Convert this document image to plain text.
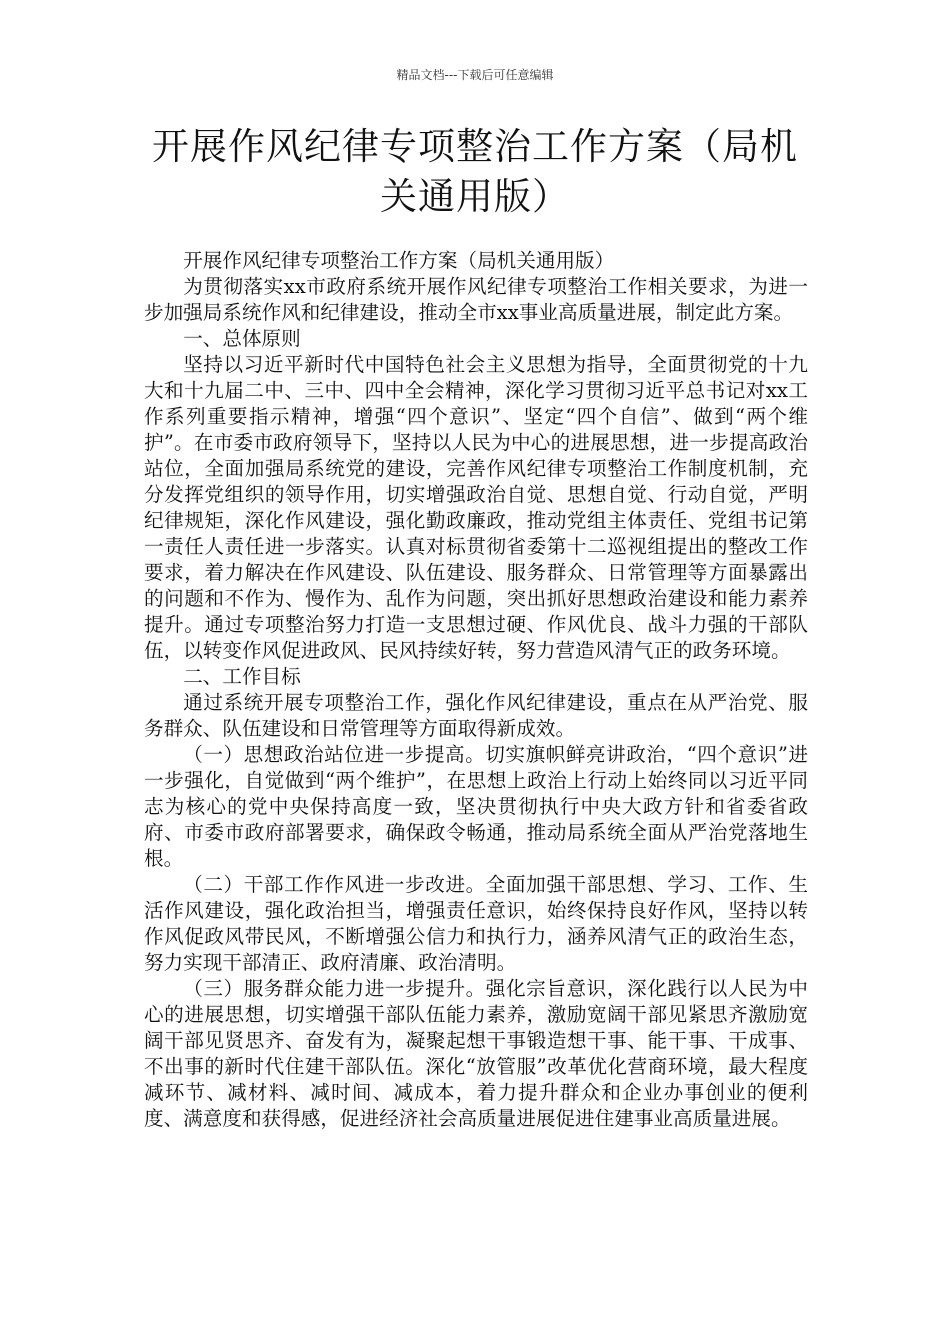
精品文档---下载后可任意编辑
开展作风纪律专项整治工作方案（局机关通用版）

开展作风纪律专项整治工作方案（局机关通用版）

为贯彻落实xx市政府系统开展作风纪律专项整治工作相关要求，为进一步加强局系统作风和纪律建设，推动全市xx事业高质量进展，制定此方案。

一、总体原则

坚持以习近平新时代中国特色社会主义思想为指导，全面贯彻党的十九大和十九届二中、三中、四中全会精神，深化学习贯彻习近平总书记对xx工作系列重要指示精神，增强“四个意识”、坚定“四个自信”、做到“两个维护”。在市委市政府领导下，坚持以人民为中心的进展思想，进一步提高政治站位，全面加强局系统党的建设，完善作风纪律专项整治工作制度机制，充分发挥党组织的领导作用，切实增强政治自觉、思想自觉、行动自觉，严明纪律规矩，深化作风建设，强化勤政廉政，推动党组主体责任、党组书记第一责任人责任进一步落实。认真对标贯彻省委第十二巡视组提出的整改工作要求，着力解决在作风建设、队伍建设、服务群众、日常管理等方面暴露出的问题和不作为、慢作为、乱作为问题，突出抓好思想政治建设和能力素养提升。通过专项整治努力打造一支思想过硬、作风优良、战斗力强的干部队伍，以转变作风促进政风、民风持续好转，努力营造风清气正的政务环境。

二、工作目标

通过系统开展专项整治工作，强化作风纪律建设，重点在从严治党、服务群众、队伍建设和日常管理等方面取得新成效。

（一）思想政治站位进一步提高。切实旗帜鲜亮讲政治，“四个意识”进一步强化，自觉做到“两个维护”，在思想上政治上行动上始终同以习近平同志为核心的党中央保持高度一致，坚决贯彻执行中央大政方针和省委省政府、市委市政府部署要求，确保政令畅通，推动局系统全面从严治党落地生根。

（二）干部工作作风进一步改进。全面加强干部思想、学习、工作、生活作风建设，强化政治担当，增强责任意识，始终保持良好作风，坚持以转作风促政风带民风，不断增强公信力和执行力，涵养风清气正的政治生态，努力实现干部清正、政府清廉、政治清明。

（三）服务群众能力进一步提升。强化宗旨意识，深化践行以人民为中心的进展思想，切实增强干部队伍能力素养，激励宽阔干部见紧思齐激励宽阔干部见贤思齐、奋发有为，凝聚起想干事锻造想干事、能干事、干成事、不出事的新时代住建干部队伍。深化“放管服”改革优化营商环境，最大程度减环节、减材料、减时间、减成本，着力提升群众和企业办事创业的便利度、满意度和获得感，促进经济社会高质量进展促进住建事业高质量进展。
